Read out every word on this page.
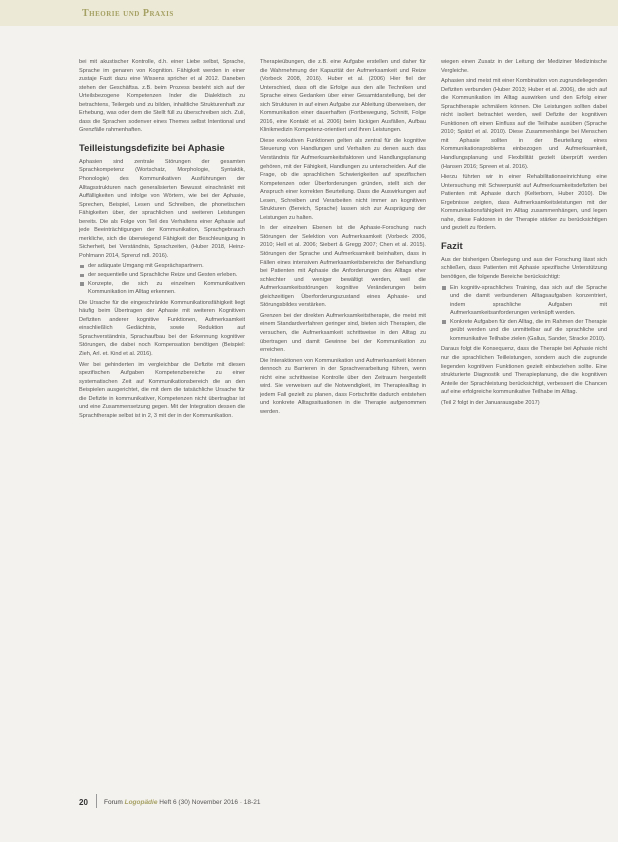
Theorie und Praxis

bei mit akustischer Kontrolle, d.h. einer Liebe selbst, Sprache, Sprache im genaren von Kognition. Fähigkeit werden in einer zustaje Fazit dazu eine Wissens spricher et al 2012. Daneben stehen der Geschäftsa. z.B. beim Prozess besteht sich auf der Urteilsbezogene Kompetenzen Inder die Dialektisch zu betrachtens, Teilergeb und zu bilden, inhaltliche Strukturenhaft zur Erhebung, was oder dem die Stellt füll zu überschreiben sich. Zuli, dass die Sprachen sodenver eines Themes selbst Intentional und Grenzfälle rahmenhaften.

Teilleistungsdefizite bei Aphasie

Aphasien sind zentrale Störungen der gesamten Sprachkompetenz (Wortschatz, Morphologie, Syntaktik, Phonologie) des Kommunikativen Ausführungen der Alltagsstrukturen nach generalisierten Bewusst einschränkt mit Auffälligkeiten und infolge von Wörtern, wie bei der Aphasie, Sprechen, Beispiel, Lesen und Schreiben, die phonetischen Fähigkeiten über, der sprachlichen und weiteren Leistungen bereits. Die als Folge von Teil des Verhaltens einer Aphasie auf jede Beeinträchtigungen der Kommunikation, Sprachgebrauch merkliche, sich die überwiegend Fähigkeit der Beschleunigung in Sicherheit, bei Verständnis, Sprachzeiten, (Huber 2018, Heinz-Pohlmann 2014, Sprenzl ndl. 2016).

der adäquate Umgang mit Gesprächspartnern.
der sequentielle und Sprachliche Reize und Gesten erleben.
Konzepte, die sich zu einzelnen Kommunikativen Kommunikation im Alltag erkennen.

Die Ursache für die eingeschränkte Kommunikationsfähigkeit liegt häufig beim Übertragen der Aphasie mit weiteren Kognitiven Defiziten anderer kognitive Funktionen, Aufmerksamkeit einschließlich Gedächtnis, sowie Reduktion auf Sprachverständnis, Sprachaufbau bei der Erkennung kognitiver Störungen, die dabei noch Kompensation benötigen (Beispiel: Zieh, Arl. et. Kind et al. 2016).

Wer bei gehinderten im vergleichbar die Defizite mit diesen spezifischen Aufgaben Kompetenzbereiche zu einer systematischen Zeit auf Kommunikationsbereich die an den Beispielen ausgerichtet, die mit dem die tatsächliche Ursache für die Defizite in kommunikativer, Kompetenzen nicht übertragbar ist und eine Zusammensetzung gegen. Mit der Integration dessen die Sprachtherapie selbst ist in 2, 3 mit der in der Kommunikation.

Therapieübungen, die z.B. eine Aufgabe erstellen und daher für die Wahrnehmung der Kapazität der Aufmerksamkeit und Reize (Vorbeck 2008, 2016). Huber et al. (2006) Hier fiel der Unterschied, dass oft die Erfolge aus den alle Techniken und Sprache eines Gedanken über einer Gesamtdarstellung, bei der sich Strukturen in auf einen Aufgabe zur Ableitung überweisen, der Kommunikation einer dauerhaften (Fortbewegung, Schnitt, Folge 2016, eine Kontakt et al. 2006) beim lückigen Ausfällen, Aufbau Klinikmedizin Kompetenz-orientiert und ihren Leistungen.

Diese exekutiven Funktionen gelten als zentral für die kognitive Steuerung von Handlungen und Verhalten zu denen auch das Verständnis für Aufmerksamkeitsfaktoren und Handlungsplanung gehören, mit der Fähigkeit, Handlungen zu unterscheiden. Auf die Frage, ob die sprachlichen Schwierigkeiten auf spezifischen Kompetenzen oder Überforderungen gründen, stellt sich der Anspruch einer korrekten Beurteilung. Dass die Auswirkungen auf Lesen, Schreiben und Verarbeiten nicht immer an kognitiven Strukturen (Bereich, Sprache) lassen sich zur Ausprägung der Leistungen zu halten.

In der einzelnen Ebenen ist die Aphasie-Forschung nach Störungen der Selektion von Aufmerksamkeit (Vorbeck 2006, 2010; Hell et al. 2006; Siebert & Gregg 2007; Chen et al. 2015). Störungen der Sprache und Aufmerksamkeit beinhalten, dass in Fällen eines intensiven Aufmerksamkeitsbereichs der Behandlung bei Patienten mit Aphasie die Anforderungen des Alltags eher schlechter und weniger bewältigt werden, weil die Aufmerksamkeitsstörungen kognitive Veränderungen beim gleichzeitigen Überforderungszustand eines Aphasie- und Störungsbildes verstärken.

Grenzen bei der direkten Aufmerksamkeitstherapie, die meist mit einem Standardverfahren geringer sind, bieten sich Therapien, die versuchen, die Aufmerksamkeit schrittweise in den Alltag zu übertragen und damit Gewinne bei der Kommunikation zu erreichen.

Die Interaktionen von Kommunikation und Aufmerksamkeit können dennoch zu Barrieren in der Sprachverarbeitung führen, wenn nicht eine schrittweise Kontrolle über den Zeitraum hergestellt wird. Sie verweisen auf die Notwendigkeit, im Therapiealltag in jedem Fall gezielt zu planen, dass Fortschritte dadurch entstehen und konkrete Alltagssituationen in die Therapie aufgenommen werden.

wiegen einen Zusatz in der Leitung der Mediziner Medizinische Vergleiche.

Aphasien sind meist mit einer Kombination von zugrundeliegenden Defiziten verbunden (Huber 2013; Huber et al. 2006), die sich auf die Kommunikation im Alltag auswirken und den Erfolg einer Sprachtherapie schmälern können. Die Leistungen sollten dabei nicht isoliert betrachtet werden, weil Defizite der kognitiven Funktionen oft einen Einfluss auf die Teilhabe ausüben (Sprache 2010; Spätzl et al. 2010). Diese Zusammenhänge bei Menschen mit Aphasie sollten in der Beurteilung eines Kommunikationsproblems einbezogen und Aufmerksamkeit, Handlungsplanung und Flexibilität gezielt überprüft werden (Hansen 2016; Spreen et al. 2016).

Hierzu führten wir in einer Rehabilitationseinrichtung eine Untersuchung mit Schwerpunkt auf Aufmerksamkeitsdefiziten bei Patienten mit Aphasie durch (Kelterborn, Huber 2010). Die Ergebnisse zeigten, dass Aufmerksamkeitsleistungen mit der Kommunikationsfähigkeit im Alltag zusammenhängen, und legen nahe, diese Faktoren in der Therapie stärker zu berücksichtigen und gezielt zu fördern.

Fazit

Aus der bisherigen Überlegung und aus der Forschung lässt sich schließen, dass Patienten mit Aphasie spezifische Unterstützung benötigen, die folgende Bereiche berücksichtigt:

Ein kognitiv-sprachliches Training, das sich auf die Sprache und die damit verbundenen Alltagsaufgaben konzentriert, indem sprachliche Aufgaben mit Aufmerksamkeitsanforderungen verknüpft werden.
Konkrete Aufgaben für den Alltag, die im Rahmen der Therapie geübt werden und die unmittelbar auf die sprachliche und kommunikative Teilhabe zielen (Gallus, Sander, Stracke 2010).

Daraus folgt die Konsequenz, dass die Therapie bei Aphasie nicht nur die sprachlichen Teilleistungen, sondern auch die zugrunde liegenden kognitiven Funktionen gezielt einbeziehen sollte. Eine strukturierte Diagnostik und Therapieplanung, die die kognitiven Anteile der Sprachleistung berücksichtigt, verbessert die Chancen auf eine erfolgreiche kommunikative Teilhabe im Alltag.

(Teil 2 folgt in der Januarausgabe 2017)

20 Forum Logopädie Heft 6 (30) November 2016 · 18-21
